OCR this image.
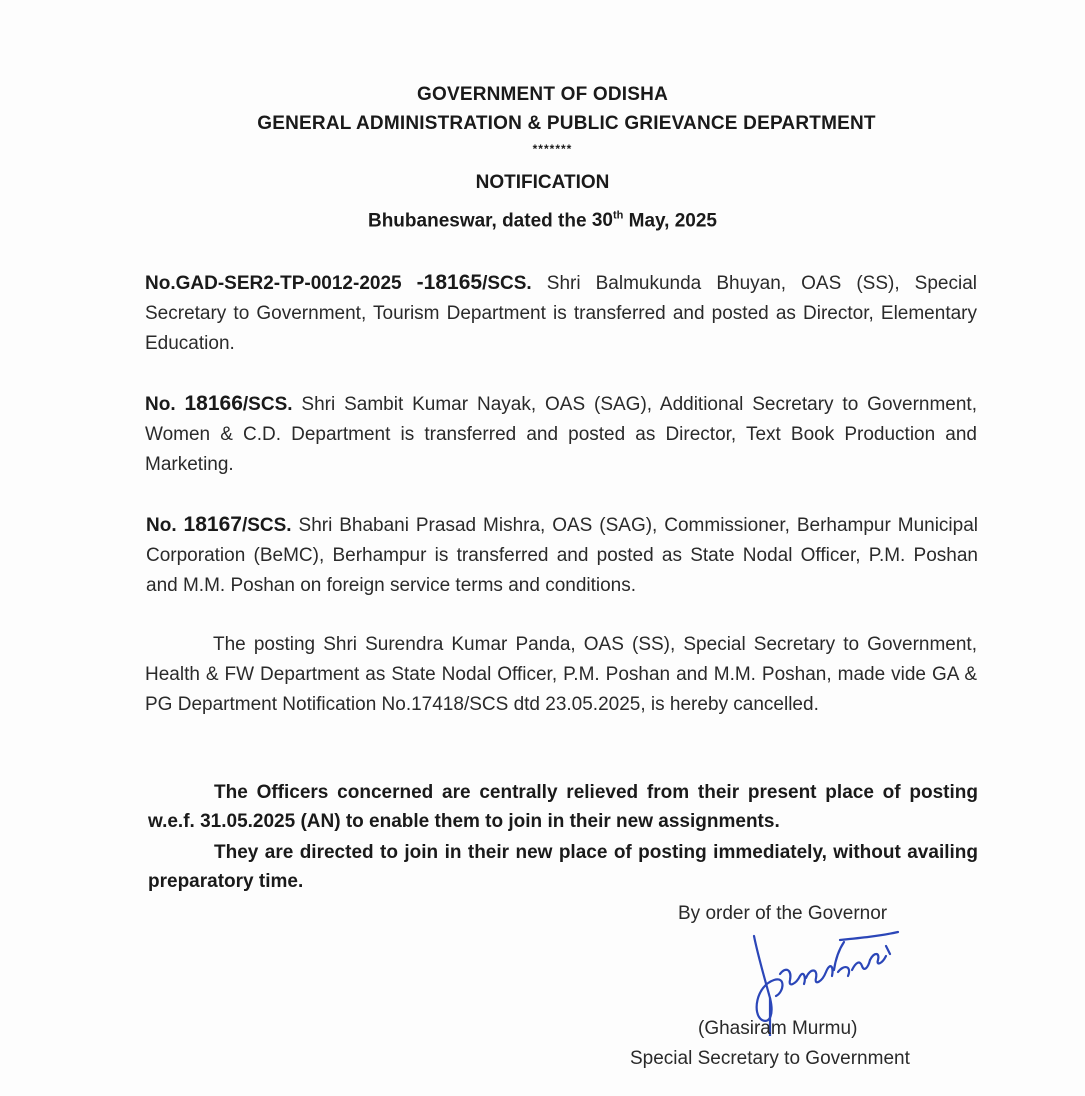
GOVERNMENT OF ODISHA
GENERAL ADMINISTRATION & PUBLIC GRIEVANCE DEPARTMENT
*******
NOTIFICATION
Bhubaneswar, dated the 30th May, 2025
No.GAD-SER2-TP-0012-2025 -18165/SCS. Shri Balmukunda Bhuyan, OAS (SS), Special Secretary to Government, Tourism Department is transferred and posted as Director, Elementary Education.
No. 18166/SCS. Shri Sambit Kumar Nayak, OAS (SAG), Additional Secretary to Government, Women & C.D. Department is transferred and posted as Director, Text Book Production and Marketing.
No. 18167/SCS. Shri Bhabani Prasad Mishra, OAS (SAG), Commissioner, Berhampur Municipal Corporation (BeMC), Berhampur is transferred and posted as State Nodal Officer, P.M. Poshan and M.M. Poshan on foreign service terms and conditions.
The posting Shri Surendra Kumar Panda, OAS (SS), Special Secretary to Government, Health & FW Department as State Nodal Officer, P.M. Poshan and M.M. Poshan, made vide GA & PG Department Notification No.17418/SCS dtd 23.05.2025, is hereby cancelled.
The Officers concerned are centrally relieved from their present place of posting w.e.f. 31.05.2025 (AN) to enable them to join in their new assignments.
They are directed to join in their new place of posting immediately, without availing preparatory time.
By order of the Governor
(Ghasiram Murmu)
Special Secretary to Government
